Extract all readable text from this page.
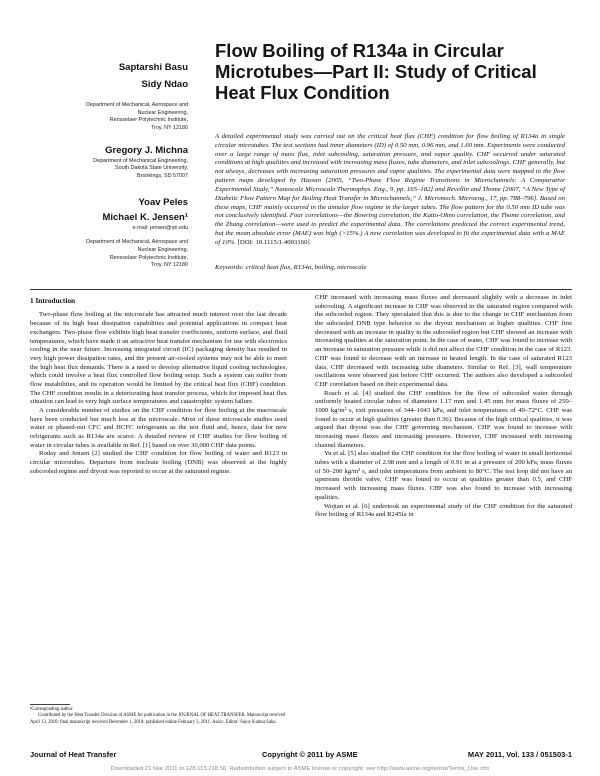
Saptarshi Basu
Sidy Ndao
Department of Mechanical, Aerospace and
Nuclear Engineering,
Rensselaer Polytechnic Institute,
Troy, NY 12180
Gregory J. Michna
Department of Mechanical Engineering,
South Dakota State University,
Brookings, SD 57007
Yoav Peles
Michael K. Jensen¹
e-mail: jensen@rpi.edu
Department of Mechanical, Aerospace and
Nuclear Engineering,
Rensselaer Polytechnic Institute,
Troy, NY 12180
Flow Boiling of R134a in Circular Microtubes—Part II: Study of Critical Heat Flux Condition
A detailed experimental study was carried out on the critical heat flux (CHF) condition for flow boiling of R134a in single circular microtubes. The test sections had inner diameters (ID) of 0.50 mm, 0.96 mm, and 1.60 mm. Experiments were conducted over a large range of mass flux, inlet subcooling, saturation pressure, and vapor quality. CHF occurred under saturated conditions at high qualities and increased with increasing mass fluxes, tube diameters, and inlet subcoolings. CHF generally, but not always, decreases with increasing saturation pressures and vapor qualities. The experimental data were mapped to the flow pattern maps developed by Hassan [2005, “Two-Phase Flow Regime Transitions in Microchannels: A Comparative Experimental Study,” Nanoscale Microscale Thermophys. Eng., 9, pp. 165–182] and Revellin and Thome [2007, “A New Type of Diabetic Flow Pattern Map for Boiling Heat Transfer in Microchannels,” J. Micromech. Microeng., 17, pp. 788–796]. Based on these maps, CHF mainly occurred in the annular flow regime in the larger tubes. The flow pattern for the 0.50 mm ID tube was not conclusively identified. Four correlations—the Bowring correlation, the Katto-Ohno correlation, the Thome correlation, and the Zhang correlation—were used to predict the experimental data. The correlations predicted the correct experimental trend, but the mean absolute error (MAE) was high (>15%.) A new correlation was developed to fit the experimental data with a MAE of 10%. [DOI: 10.1115/1.4003160]
Keywords: critical heat flux, R134a, boiling, microscale
1 Introduction

Two-phase flow boiling at the microscale has attracted much interest over the last decade because of its high heat dissipation capabilities and potential applications in compact heat exchangers. Two-phase flow exhibits high heat transfer coefficients, uniform surface, and fluid temperatures, which have made it an attractive heat transfer mechanism for use with electronics cooling in the near future. Increasing integrated circuit (IC) packaging density has resulted in very high power dissipation rates, and the present air-cooled systems may not be able to meet the high heat flux demands. There is a need to develop alternative liquid cooling technologies, which could involve a heat flux controlled flow boiling setup. Such a system can suffer from flow instabilities, and its operation would be limited by the critical heat flux (CHF) condition. The CHF condition results in a deteriorating heat transfer process, which for imposed heat flux situation can lead to very high surface temperatures and catastrophic system failure.

A considerable number of studies on the CHF condition for flow boiling at the macroscale have been conducted but much less at the microscale. Most of these microscale studies used water or phased-out CFC and HCFC refrigerants as the test fluid and, hence, data for new refrigerants such as R134a are scarce. A detailed review of CHF studies for flow boiling of water in circular tubes is available in Ref. [1] based on over 30,000 CHF data points.

Roday and Jensen [2] studied the CHF condition for flow boiling of water and R123 in circular microtubes. Departure from nucleate boiling (DNB) was observed at the highly subcooled regime and dryout was reported to occur at the saturated regime.

¹Corresponding author.
Contributed by the Heat Transfer Division of ASME for publication in the JOURNAL OF HEAT TRANSFER. Manuscript received April 13, 2010; final manuscript received December 1, 2010; published online February 3, 2011. Assoc. Editor: Sujoy Kumar Saha.

CHF increased with increasing mass fluxes and decreased slightly with a decrease in inlet subcooling. A significant increase in CHF was observed in the saturated region compared with the subcooled region. They speculated that this is due to the change in CHF mechanism from the subcooled DNB type behavior to the dryout mechanism at higher qualities. CHF first decreased with an increase in quality in the subcooled region but CHF showed an increase with increasing qualities at the saturation point. In the case of water, CHF was found to increase with an increase in saturation pressure while it did not affect the CHF condition in the case of R123. CHF was found to decrease with an increase in heated length. In the case of saturated R123 data, CHF decreased with increasing tube diameters. Similar to Ref. [3], wall temperature oscillations were observed just before CHF occurred. The authors also developed a subcooled CHF correlation based on their experimental data.

Roach et al. [4] studied the CHF condition for the flow of subcooled water through uniformly heated circular tubes of diameters 1.17 mm and 1.45 mm for mass fluxes of 250–1000 kg/m² s, exit pressures of 344–1043 kPa, and inlet temperatures of 49–72°C. CHF was found to occur at high qualities (greater than 0.36). Because of the high critical qualities, it was argued that dryout was the CHF governing mechanism. CHF was found to increase with increasing mass fluxes and increasing pressures. However, CHF increased with increasing channel diameters.

Yu et al. [5] also studied the CHF condition for the flow boiling of water in small horizontal tubes with a diameter of 2.98 mm and a length of 0.91 m at a pressure of 200 kPa, mass fluxes of 50–200 kg/m² s, and inlet temperatures from ambient to 80°C. The test loop did not have an upstream throttle valve. CHF was found to occur at qualities greater than 0.5, and CHF increased with increasing mass fluxes. CHF was also found to increase with increasing qualities.

Wojtan et al. [6] undertook an experimental study of the CHF condition for the saturated flow boiling of R134a and R245fa in

Journal of Heat Transfer	Copyright © 2011 by ASME	MAY 2011, Vol. 133 / 051503-1
Downloaded 21 Mar 2011 to 128.113.218.56. Redistribution subject to ASME license or copyright; see http://www.asme.org/terms/Terms_Use.cfm
